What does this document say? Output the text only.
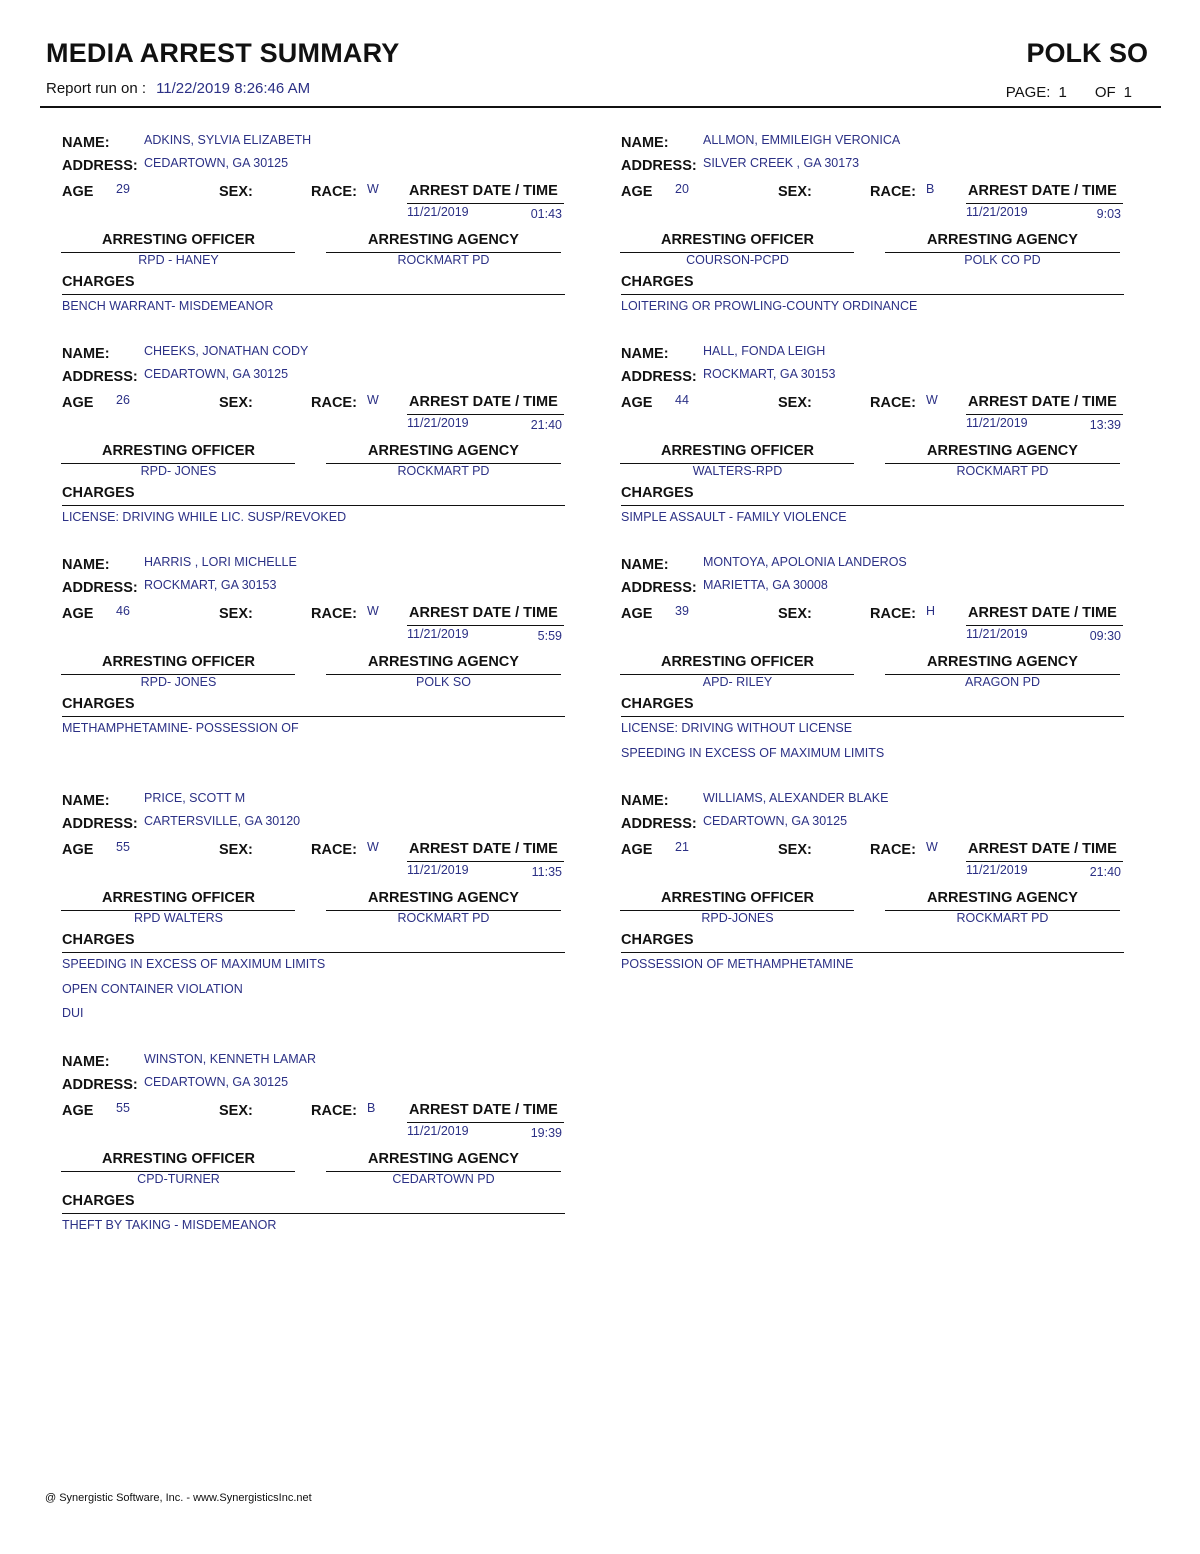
MEDIA ARREST SUMMARY	POLK SO
Report run on : 11/22/2019 8:26:46 AM	PAGE: 1 OF 1
NAME:	ADKINS, SYLVIA ELIZABETH
ADDRESS: CEDARTOWN, GA 30125
AGE 29	SEX:	RACE: W ARREST DATE / TIME
11/21/2019	01:43
ARRESTING OFFICER
RPD - HANEY
ARRESTING AGENCY
ROCKMART PD
CHARGES
BENCH WARRANT- MISDEMEANOR
NAME:	ALLMON, EMMILEIGH VERONICA
ADDRESS: SILVER CREEK , GA 30173
AGE 20	SEX:	RACE: B ARREST DATE / TIME
11/21/2019	9:03
ARRESTING OFFICER
COURSON-PCPD
ARRESTING AGENCY
POLK CO PD
CHARGES
LOITERING OR PROWLING-COUNTY ORDINANCE
NAME:	CHEEKS, JONATHAN CODY
ADDRESS: CEDARTOWN, GA 30125
AGE 26	SEX:	RACE: W ARREST DATE / TIME
11/21/2019	21:40
ARRESTING OFFICER
RPD- JONES
ARRESTING AGENCY
ROCKMART PD
CHARGES
LICENSE: DRIVING WHILE LIC. SUSP/REVOKED
NAME:	HALL, FONDA LEIGH
ADDRESS: ROCKMART, GA 30153
AGE 44	SEX:	RACE: W ARREST DATE / TIME
11/21/2019	13:39
ARRESTING OFFICER
WALTERS-RPD
ARRESTING AGENCY
ROCKMART PD
CHARGES
SIMPLE ASSAULT - FAMILY VIOLENCE
NAME:	HARRIS , LORI MICHELLE
ADDRESS: ROCKMART, GA 30153
AGE 46	SEX:	RACE: W ARREST DATE / TIME
11/21/2019	5:59
ARRESTING OFFICER
RPD- JONES
ARRESTING AGENCY
POLK SO
CHARGES
METHAMPHETAMINE- POSSESSION OF
NAME:	MONTOYA, APOLONIA LANDEROS
ADDRESS: MARIETTA, GA 30008
AGE 39	SEX:	RACE: H ARREST DATE / TIME
11/21/2019	09:30
ARRESTING OFFICER
APD- RILEY
ARRESTING AGENCY
ARAGON PD
CHARGES
LICENSE: DRIVING WITHOUT LICENSE
SPEEDING IN EXCESS OF MAXIMUM LIMITS
NAME:	PRICE, SCOTT M
ADDRESS: CARTERSVILLE, GA 30120
AGE 55	SEX:	RACE: W ARREST DATE / TIME
11/21/2019	11:35
ARRESTING OFFICER
RPD WALTERS
ARRESTING AGENCY
ROCKMART PD
CHARGES
SPEEDING IN EXCESS OF MAXIMUM LIMITS
OPEN CONTAINER VIOLATION
DUI
NAME:	WILLIAMS, ALEXANDER BLAKE
ADDRESS: CEDARTOWN, GA 30125
AGE 21	SEX:	RACE: W ARREST DATE / TIME
11/21/2019	21:40
ARRESTING OFFICER
RPD-JONES
ARRESTING AGENCY
ROCKMART PD
CHARGES
POSSESSION OF METHAMPHETAMINE
NAME:	WINSTON, KENNETH LAMAR
ADDRESS: CEDARTOWN, GA 30125
AGE 55	SEX:	RACE: B ARREST DATE / TIME
11/21/2019	19:39
ARRESTING OFFICER
CPD-TURNER
ARRESTING AGENCY
CEDARTOWN PD
CHARGES
THEFT BY TAKING - MISDEMEANOR
@ Synergistic Software, Inc. - www.SynergisticsInc.net
